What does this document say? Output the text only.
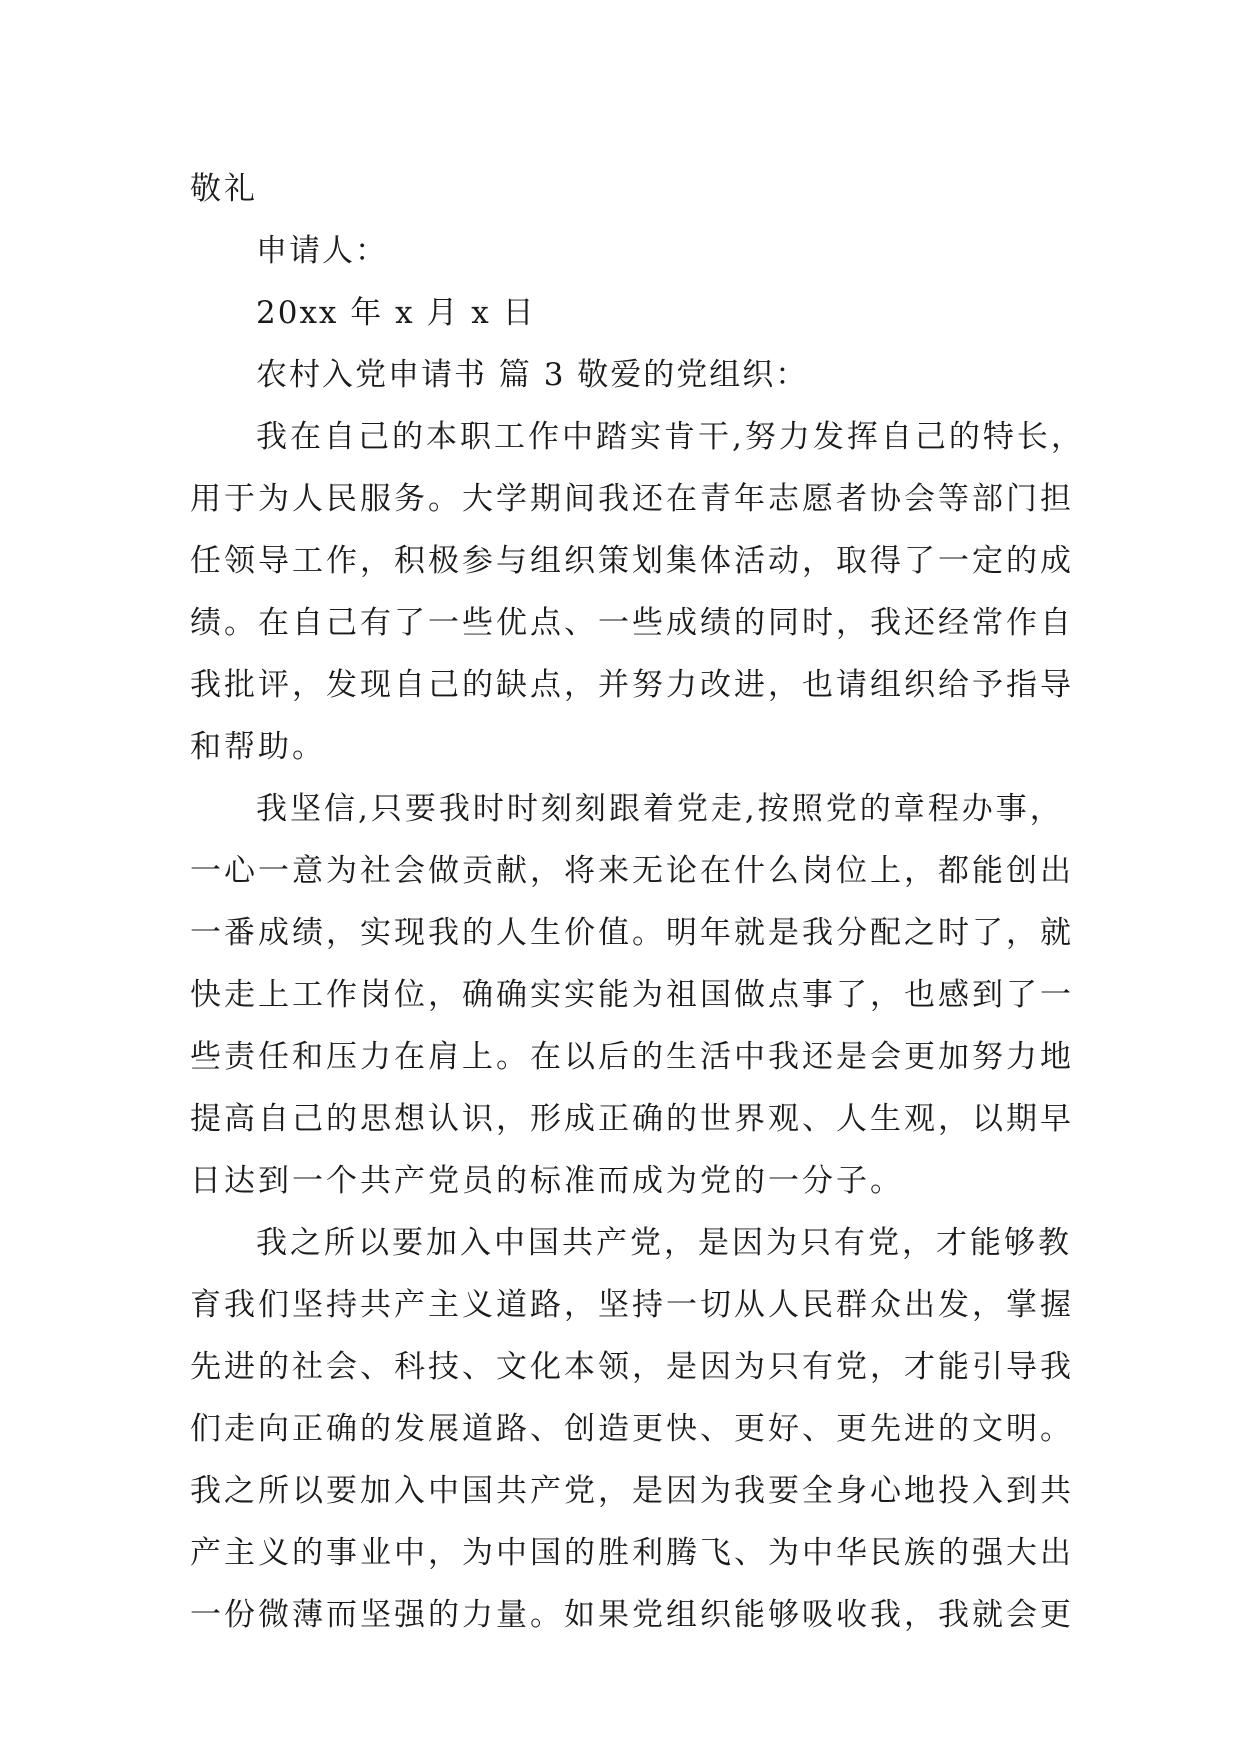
敬礼
申请人：
20xx 年 x 月 x 日
农村入党申请书 篇 3 敬爱的党组织：
我在自己的本职工作中踏实肯干,努力发挥自己的特长，
用于为人民服务。大学期间我还在青年志愿者协会等部门担
任领导工作，积极参与组织策划集体活动，取得了一定的成
绩。在自己有了一些优点、一些成绩的同时，我还经常作自
我批评，发现自己的缺点，并努力改进，也请组织给予指导
和帮助。
我坚信,只要我时时刻刻跟着党走,按照党的章程办事，
一心一意为社会做贡献，将来无论在什么岗位上，都能创出
一番成绩，实现我的人生价值。明年就是我分配之时了，就
快走上工作岗位，确确实实能为祖国做点事了，也感到了一
些责任和压力在肩上。在以后的生活中我还是会更加努力地
提高自己的思想认识，形成正确的世界观、人生观，以期早
日达到一个共产党员的标准而成为党的一分子。
我之所以要加入中国共产党，是因为只有党，才能够教
育我们坚持共产主义道路，坚持一切从人民群众出发，掌握
先进的社会、科技、文化本领，是因为只有党，才能引导我
们走向正确的发展道路、创造更快、更好、更先进的文明。
我之所以要加入中国共产党，是因为我要全身心地投入到共
产主义的事业中，为中国的胜利腾飞、为中华民族的强大出
一份微薄而坚强的力量。如果党组织能够吸收我，我就会更
